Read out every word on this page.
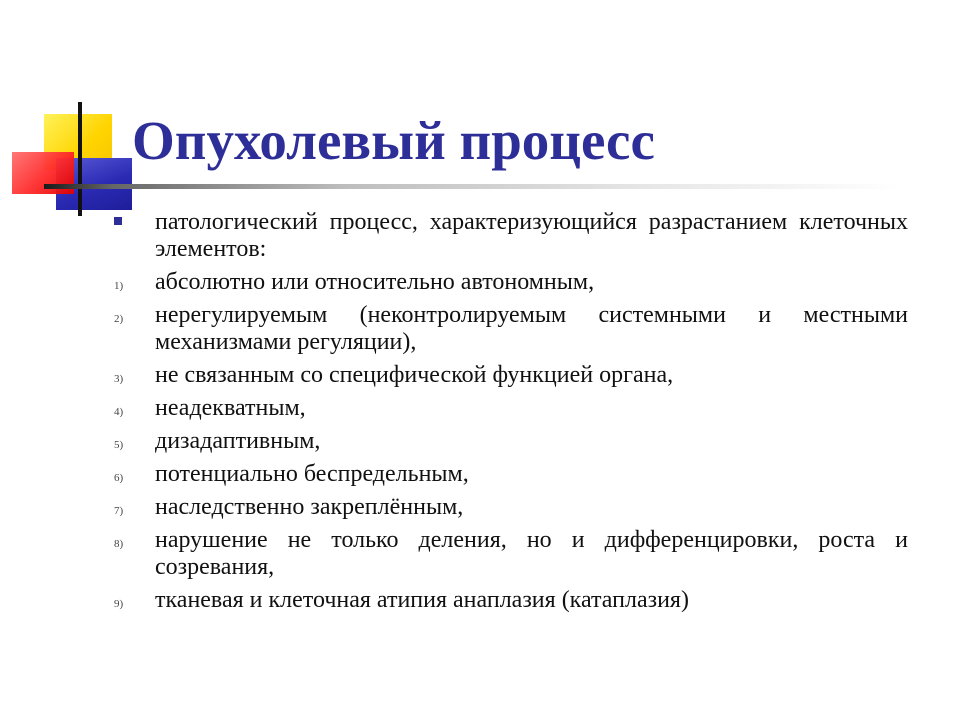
Опухолевый процесс
патологический процесс, характеризующийся разрастанием клеточных элементов:
1) абсолютно или относительно автономным,
2) нерегулируемым (неконтролируемым системными и местными механизмами регуляции),
3) не связанным со специфической функцией органа,
4) неадекватным,
5) дизадаптивным,
6) потенциально беспредельным,
7) наследственно закреплённым,
8) нарушение не только деления, но и дифференцировки, роста и созревания,
9) тканевая и клеточная атипия анаплазия (катаплазия)
